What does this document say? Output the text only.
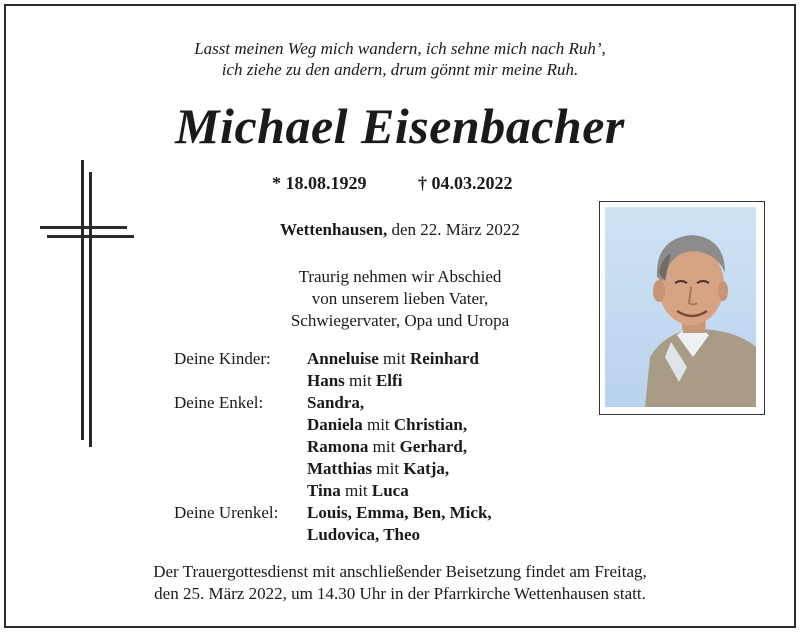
Lasst meinen Weg mich wandern, ich sehne mich nach Ruh’,
ich ziehe zu den andern, drum gönnt mir meine Ruh.
Michael Eisenbacher
* 18.08.1929	† 04.03.2022
Wettenhausen, den 22. März 2022
Traurig nehmen wir Abschied
von unserem lieben Vater,
Schwiegervater, Opa und Uropa
Deine Kinder: Anneluise mit Reinhard
Hans mit Elfi
Deine Enkel:	Sandra,
Daniela mit Christian,
Ramona mit Gerhard,
Matthias mit Katja,
Tina mit Luca
Deine Urenkel: Louis, Emma, Ben, Mick,
Ludovica, Theo
Der Trauergottesdienst mit anschließender Beisetzung findet am Freitag,
den 25. März 2022, um 14.30 Uhr in der Pfarrkirche Wettenhausen statt.
